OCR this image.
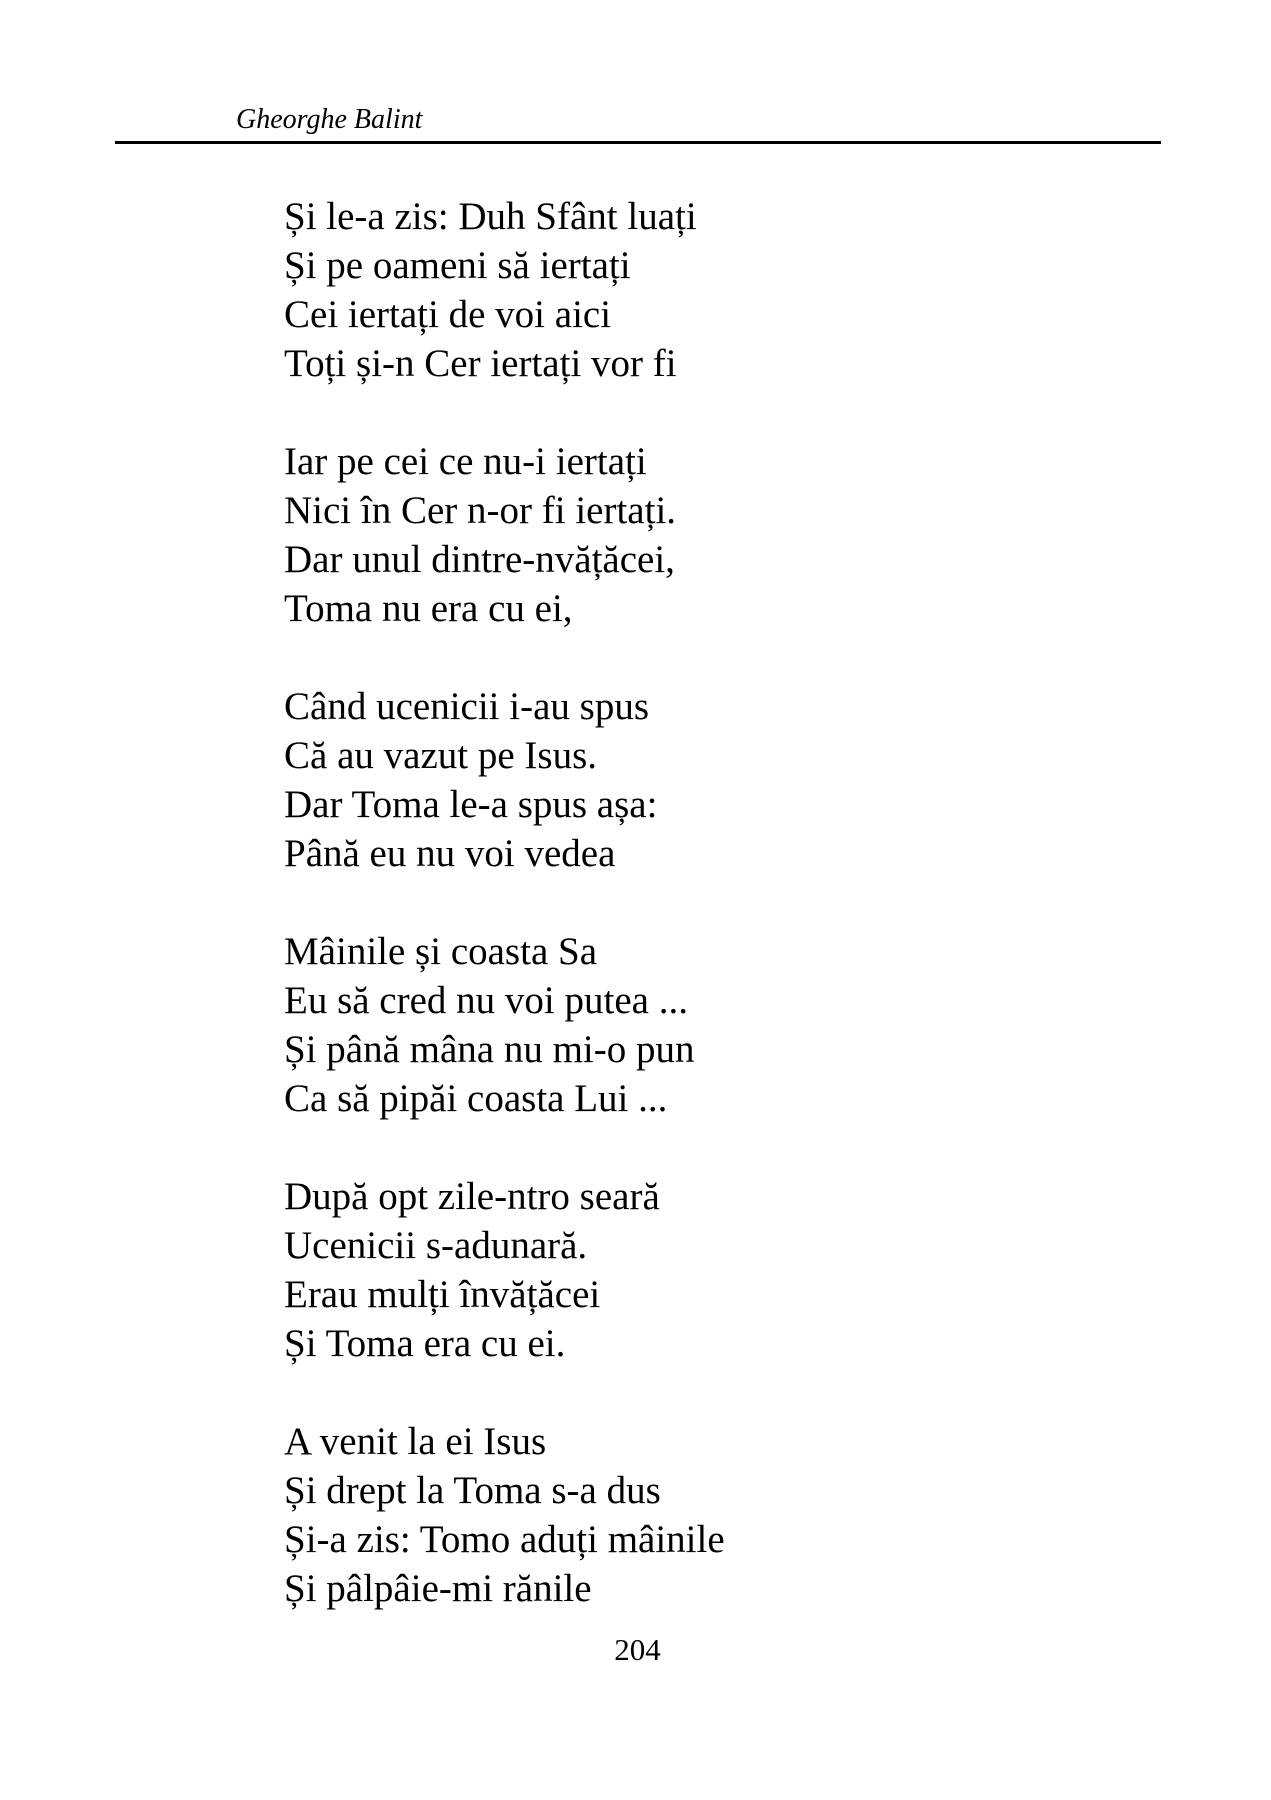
Gheorghe Balint
Și le-a zis: Duh Sfânt luați
Și pe oameni să iertați
Cei iertați de voi aici
Toți și-n Cer iertați vor fi
Iar pe cei ce nu-i iertați
Nici în Cer n-or fi iertați.
Dar unul dintre-nvățăcei,
Toma nu era cu ei,
Când ucenicii i-au spus
Că au vazut pe Isus.
Dar Toma le-a spus așa:
Până eu nu voi vedea
Mâinile și coasta Sa
Eu să cred nu voi putea ...
Și până mâna nu mi-o pun
Ca să pipăi coasta Lui ...
După opt zile-ntro seară
Ucenicii s-adunară.
Erau mulți învățăcei
Și Toma era cu ei.
A venit la ei Isus
Și drept la Toma s-a dus
Și-a zis: Tomo aduți mâinile
Și pâlpâie-mi rănile
204
